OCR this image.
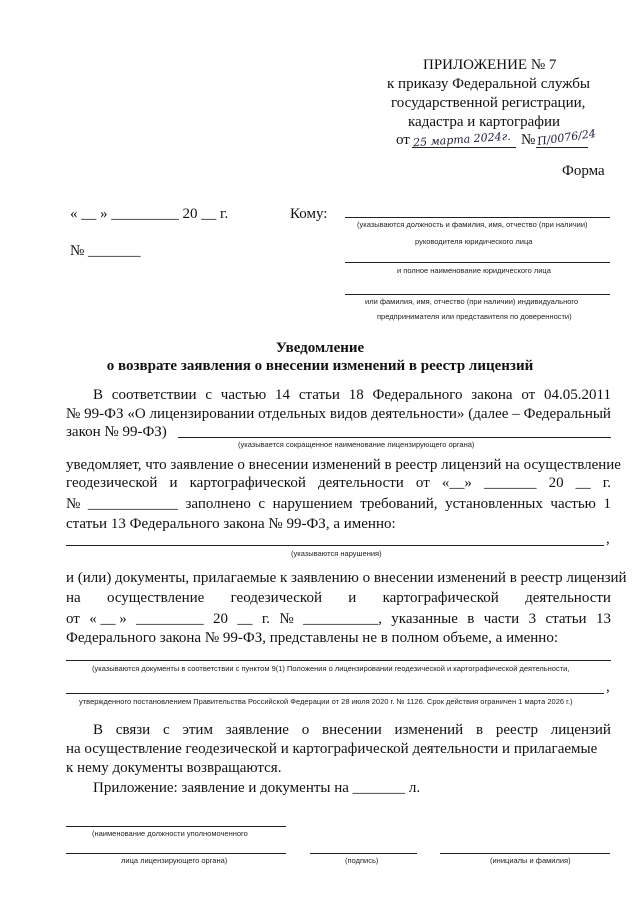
ПРИЛОЖЕНИЕ № 7
к приказу Федеральной службы
государственной регистрации,
кадастра и картографии
от 25 марта 2024г. № П/0076/24
Форма
« __ » _________ 20 __ г.
№ _______
Кому:
(указываются должность и фамилия, имя, отчество (при наличии)
руководителя юридического лица
и полное наименование юридического лица
или фамилия, имя, отчество (при наличии) индивидуального
предпринимателя или представителя по доверенности)
Уведомление
о возврате заявления о внесении изменений в реестр лицензий
В соответствии с частью 14 статьи 18 Федерального закона от 04.05.2011
№ 99-ФЗ «О лицензировании отдельных видов деятельности» (далее – Федеральный
закон № 99-ФЗ)
(указывается сокращенное наименование лицензирующего органа)
уведомляет, что заявление о внесении изменений в реестр лицензий на осуществление
геодезической и картографической деятельности от «__» _______ 20 __ г.
№ ____________ заполнено с нарушением требований, установленных частью 1
статьи 13 Федерального закона № 99-ФЗ, а именно:
,
(указываются нарушения)
и (или) документы, прилагаемые к заявлению о внесении изменений в реестр лицензий
на осуществление геодезической и картографической деятельности
от « __ » _________ 20 __ г. № __________, указанные в части 3 статьи 13
Федерального закона № 99-ФЗ, представлены не в полном объеме, а именно:
(указываются документы в соответствии с пунктом 9(1) Положения о лицензировании геодезической и картографической деятельности,
,
утвержденного постановлением Правительства Российской Федерации от 28 июля 2020 г. № 1126. Срок действия ограничен 1 марта 2026 г.)
В связи с этим заявление о внесении изменений в реестр лицензий
на осуществление геодезической и картографической деятельности и прилагаемые
к нему документы возвращаются.
Приложение: заявление и документы на _______ л.
(наименование должности уполномоченного
лица лицензирующего органа)	(подпись)	(инициалы и фамилия)
